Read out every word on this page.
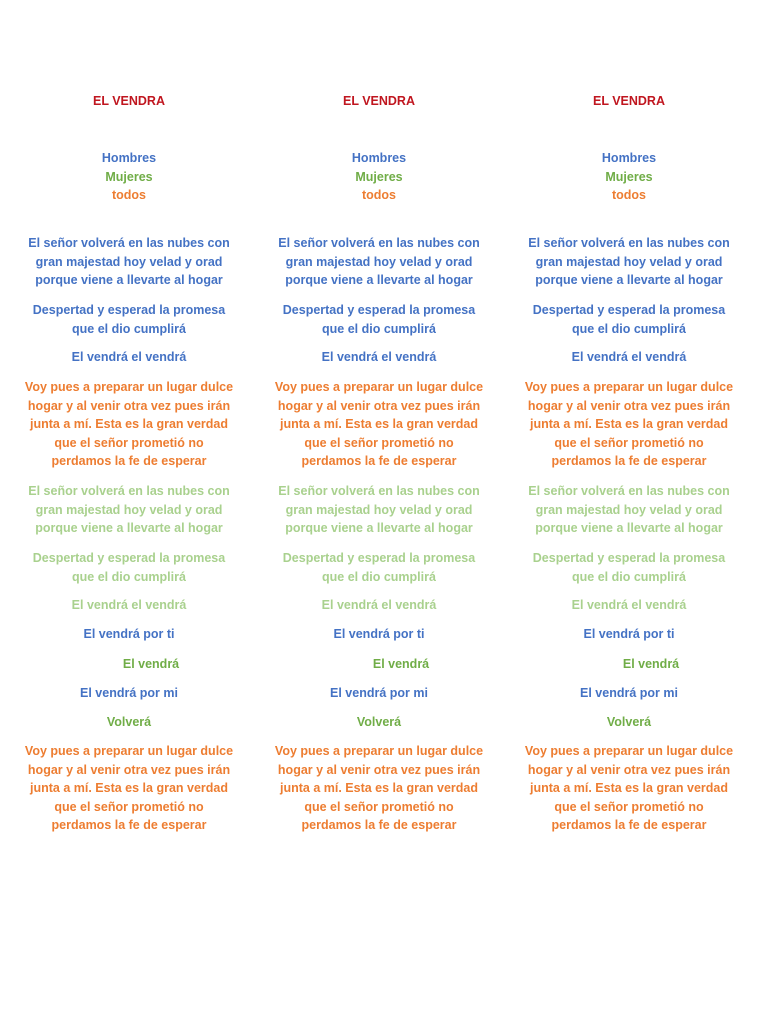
EL VENDRA
Hombres
Mujeres
todos
El señor volverá en las nubes con
gran majestad hoy velad y orad
porque viene a llevarte al hogar
Despertad y esperad la promesa
que el dio cumplirá
El vendrá el vendrá
Voy pues a preparar un lugar dulce
hogar y al venir otra vez pues irán
junta a mí. Esta es la gran verdad
que el señor prometió no
perdamos la fe de esperar
El señor volverá en las nubes con
gran majestad hoy velad y orad
porque viene a llevarte al hogar
Despertad y esperad la promesa
que el dio cumplirá
El vendrá el vendrá
El vendrá por ti
El vendrá
El vendrá por mi
Volverá
Voy pues a preparar un lugar dulce
hogar y al venir otra vez pues irán
junta a mí. Esta es la gran verdad
que el señor prometió no
perdamos la fe de esperar
EL VENDRA
Hombres
Mujeres
todos
El señor volverá en las nubes con
gran majestad hoy velad y orad
porque viene a llevarte al hogar
Despertad y esperad la promesa
que el dio cumplirá
El vendrá el vendrá
Voy pues a preparar un lugar dulce
hogar y al venir otra vez pues irán
junta a mí. Esta es la gran verdad
que el señor prometió no
perdamos la fe de esperar
El señor volverá en las nubes con
gran majestad hoy velad y orad
porque viene a llevarte al hogar
Despertad y esperad la promesa
que el dio cumplirá
El vendrá el vendrá
El vendrá por ti
El vendrá
El vendrá por mi
Volverá
Voy pues a preparar un lugar dulce
hogar y al venir otra vez pues irán
junta a mí. Esta es la gran verdad
que el señor prometió no
perdamos la fe de esperar
EL VENDRA
Hombres
Mujeres
todos
El señor volverá en las nubes con
gran majestad hoy velad y orad
porque viene a llevarte al hogar
Despertad y esperad la promesa
que el dio cumplirá
El vendrá el vendrá
Voy pues a preparar un lugar dulce
hogar y al venir otra vez pues irán
junta a mí. Esta es la gran verdad
que el señor prometió no
perdamos la fe de esperar
El señor volverá en las nubes con
gran majestad hoy velad y orad
porque viene a llevarte al hogar
Despertad y esperad la promesa
que el dio cumplirá
El vendrá el vendrá
El vendrá por ti
El vendrá
El vendrá por mi
Volverá
Voy pues a preparar un lugar dulce
hogar y al venir otra vez pues irán
junta a mí. Esta es la gran verdad
que el señor prometió no
perdamos la fe de esperar
